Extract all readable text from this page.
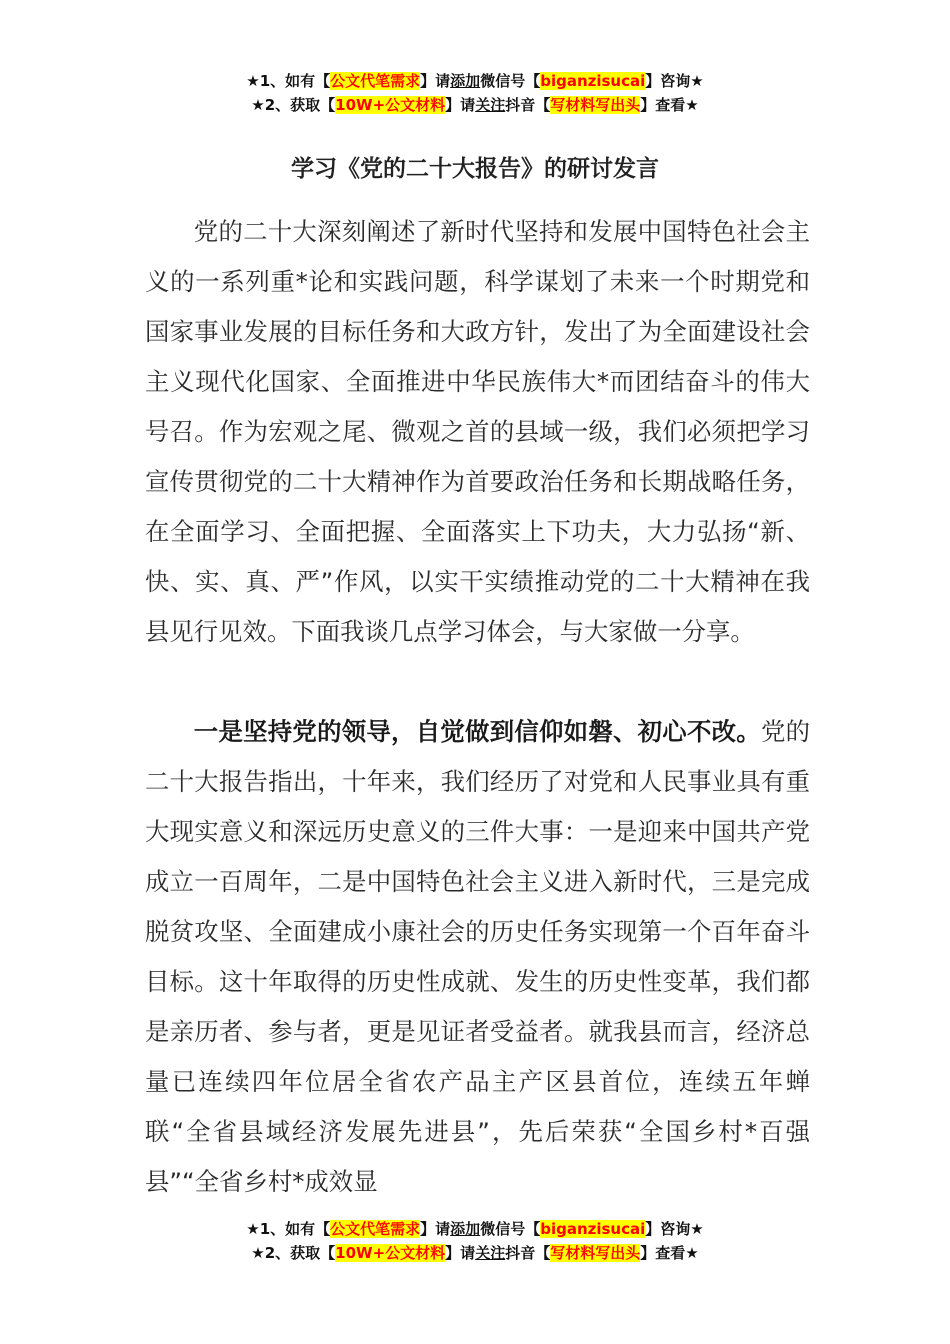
★1、如有【公文代笔需求】请添加微信号【biganzisucai】咨询★
★2、获取【10W+公文材料】请关注抖音【写材料写出头】查看★
学习《党的二十大报告》的研讨发言

党的二十大深刻阐述了新时代坚持和发展中国特色社会主义的一系列重*论和实践问题，科学谋划了未来一个时期党和国家事业发展的目标任务和大政方针，发出了为全面建设社会主义现代化国家、全面推进中华民族伟大*而团结奋斗的伟大号召。作为宏观之尾、微观之首的县域一级，我们必须把学习宣传贯彻党的二十大精神作为首要政治任务和长期战略任务，在全面学习、全面把握、全面落实上下功夫，大力弘扬“新、快、实、真、严”作风，以实干实绩推动党的二十大精神在我县见行见效。下面我谈几点学习体会，与大家做一分享。

一是坚持党的领导，自觉做到信仰如磐、初心不改。党的二十大报告指出，十年来，我们经历了对党和人民事业具有重大现实意义和深远历史意义的三件大事：一是迎来中国共产党成立一百周年，二是中国特色社会主义进入新时代，三是完成脱贫攻坚、全面建成小康社会的历史任务实现第一个百年奋斗目标。这十年取得的历史性成就、发生的历史性变革，我们都是亲历者、参与者，更是见证者受益者。就我县而言，经济总量已连续四年位居全省农产品主产区县首位，连续五年蝉联“全省县域经济发展先进县”，先后荣获“全国乡村*百强县”“全省乡村*成效显

★1、如有【公文代笔需求】请添加微信号【biganzisucai】咨询★
★2、获取【10W+公文材料】请关注抖音【写材料写出头】查看★
